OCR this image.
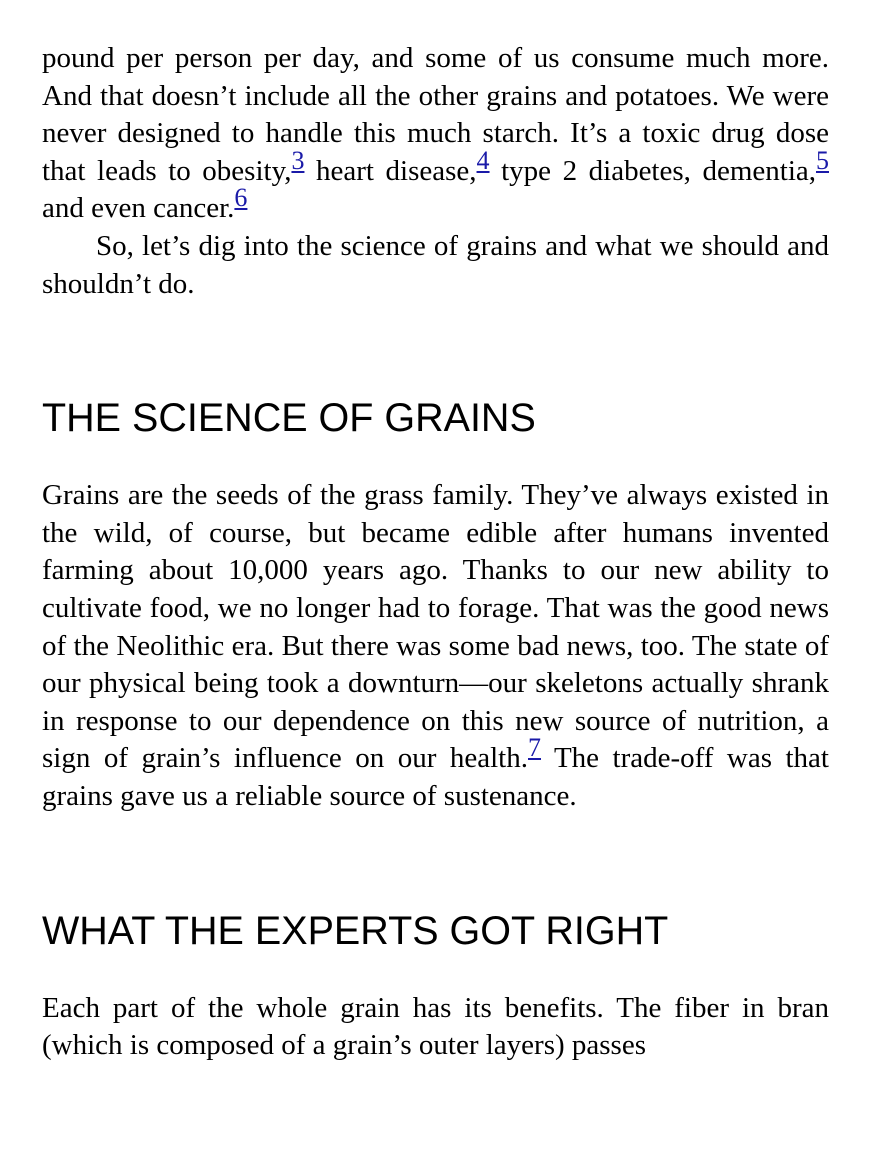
pound per person per day, and some of us consume much more. And that doesn’t include all the other grains and potatoes. We were never designed to handle this much starch. It’s a toxic drug dose that leads to obesity,$^3$ heart disease,$^4$ type 2 diabetes, dementia,$^5$ and even cancer.$^6$

So, let’s dig into the science of grains and what we should and shouldn’t do.

THE SCIENCE OF GRAINS

Grains are the seeds of the grass family. They’ve always existed in the wild, of course, but became edible after humans invented farming about 10,000 years ago. Thanks to our new ability to cultivate food, we no longer had to forage. That was the good news of the Neolithic era. But there was some bad news, too. The state of our physical being took a downturn—our skeletons actually shrank in response to our dependence on this new source of nutrition, a sign of grain’s influence on our health.$^7$ The trade-off was that grains gave us a reliable source of sustenance.

WHAT THE EXPERTS GOT RIGHT

Each part of the whole grain has its benefits. The fiber in bran (which is composed of a grain’s outer layers) passes
